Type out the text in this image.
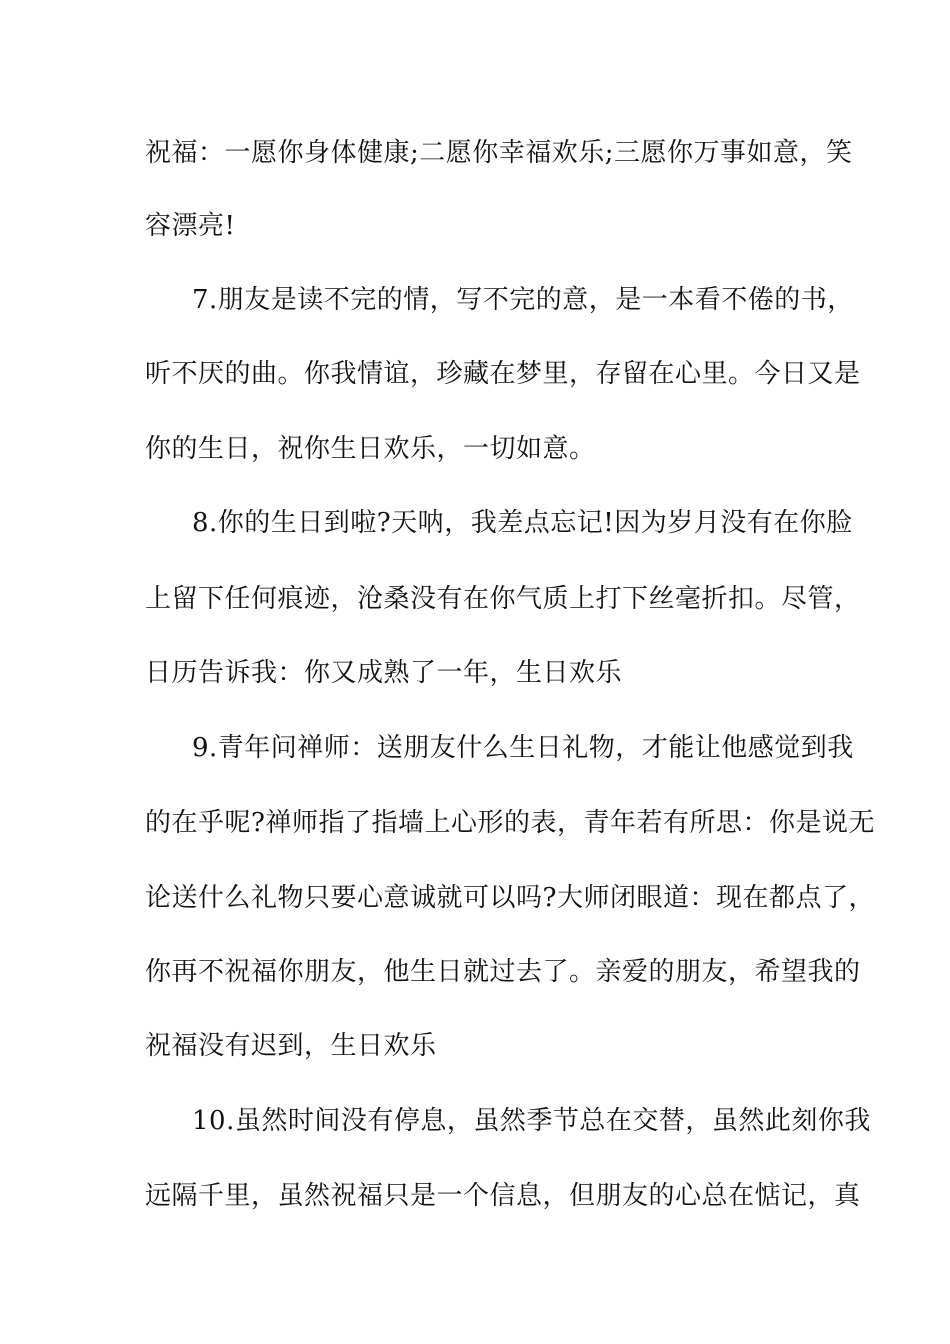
祝福：一愿你身体健康;二愿你幸福欢乐;三愿你万事如意，笑
容漂亮!
7.朋友是读不完的情，写不完的意，是一本看不倦的书，
听不厌的曲。你我情谊，珍藏在梦里，存留在心里。今日又是
你的生日，祝你生日欢乐，一切如意。
8.你的生日到啦?天呐，我差点忘记!因为岁月没有在你脸
上留下任何痕迹，沧桑没有在你气质上打下丝毫折扣。尽管，
日历告诉我：你又成熟了一年，生日欢乐
9.青年问禅师：送朋友什么生日礼物，才能让他感觉到我
的在乎呢?禅师指了指墙上心形的表，青年若有所思：你是说无
论送什么礼物只要心意诚就可以吗?大师闭眼道：现在都点了，
你再不祝福你朋友，他生日就过去了。亲爱的朋友，希望我的
祝福没有迟到，生日欢乐
10.虽然时间没有停息，虽然季节总在交替，虽然此刻你我
远隔千里，虽然祝福只是一个信息，但朋友的心总在惦记，真
